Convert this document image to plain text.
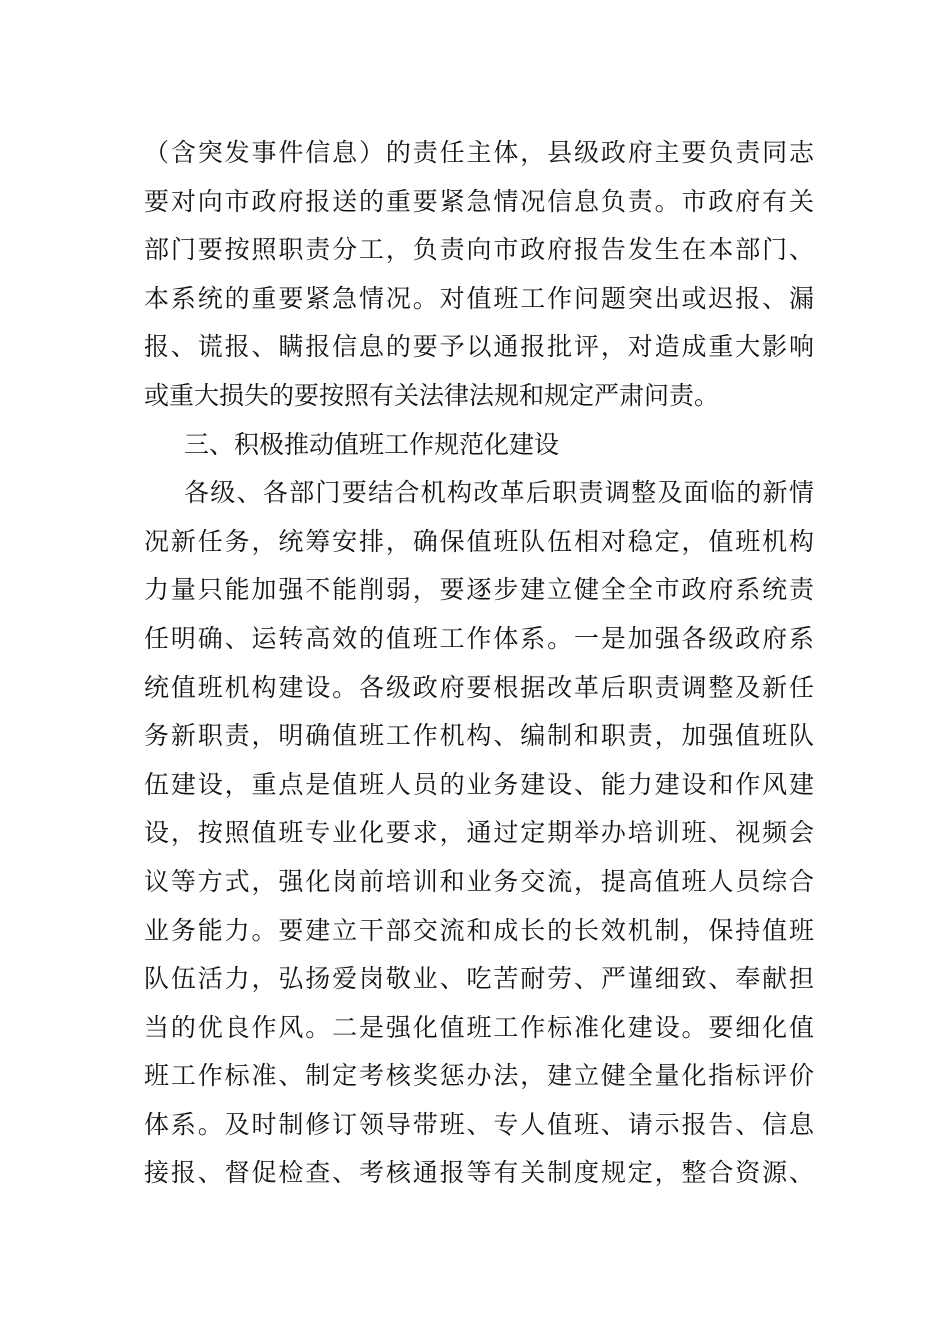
（含突发事件信息）的责任主体，县级政府主要负责同志
要对向市政府报送的重要紧急情况信息负责。市政府有关
部门要按照职责分工，负责向市政府报告发生在本部门、
本系统的重要紧急情况。对值班工作问题突出或迟报、漏
报、谎报、瞒报信息的要予以通报批评，对造成重大影响
或重大损失的要按照有关法律法规和规定严肃问责。
三、积极推动值班工作规范化建设
各级、各部门要结合机构改革后职责调整及面临的新情
况新任务，统筹安排，确保值班队伍相对稳定，值班机构
力量只能加强不能削弱，要逐步建立健全全市政府系统责
任明确、运转高效的值班工作体系。一是加强各级政府系
统值班机构建设。各级政府要根据改革后职责调整及新任
务新职责，明确值班工作机构、编制和职责，加强值班队
伍建设，重点是值班人员的业务建设、能力建设和作风建
设，按照值班专业化要求，通过定期举办培训班、视频会
议等方式，强化岗前培训和业务交流，提高值班人员综合
业务能力。要建立干部交流和成长的长效机制，保持值班
队伍活力，弘扬爱岗敬业、吃苦耐劳、严谨细致、奉献担
当的优良作风。二是强化值班工作标准化建设。要细化值
班工作标准、制定考核奖惩办法，建立健全量化指标评价
体系。及时制修订领导带班、专人值班、请示报告、信息
接报、督促检查、考核通报等有关制度规定，整合资源、
